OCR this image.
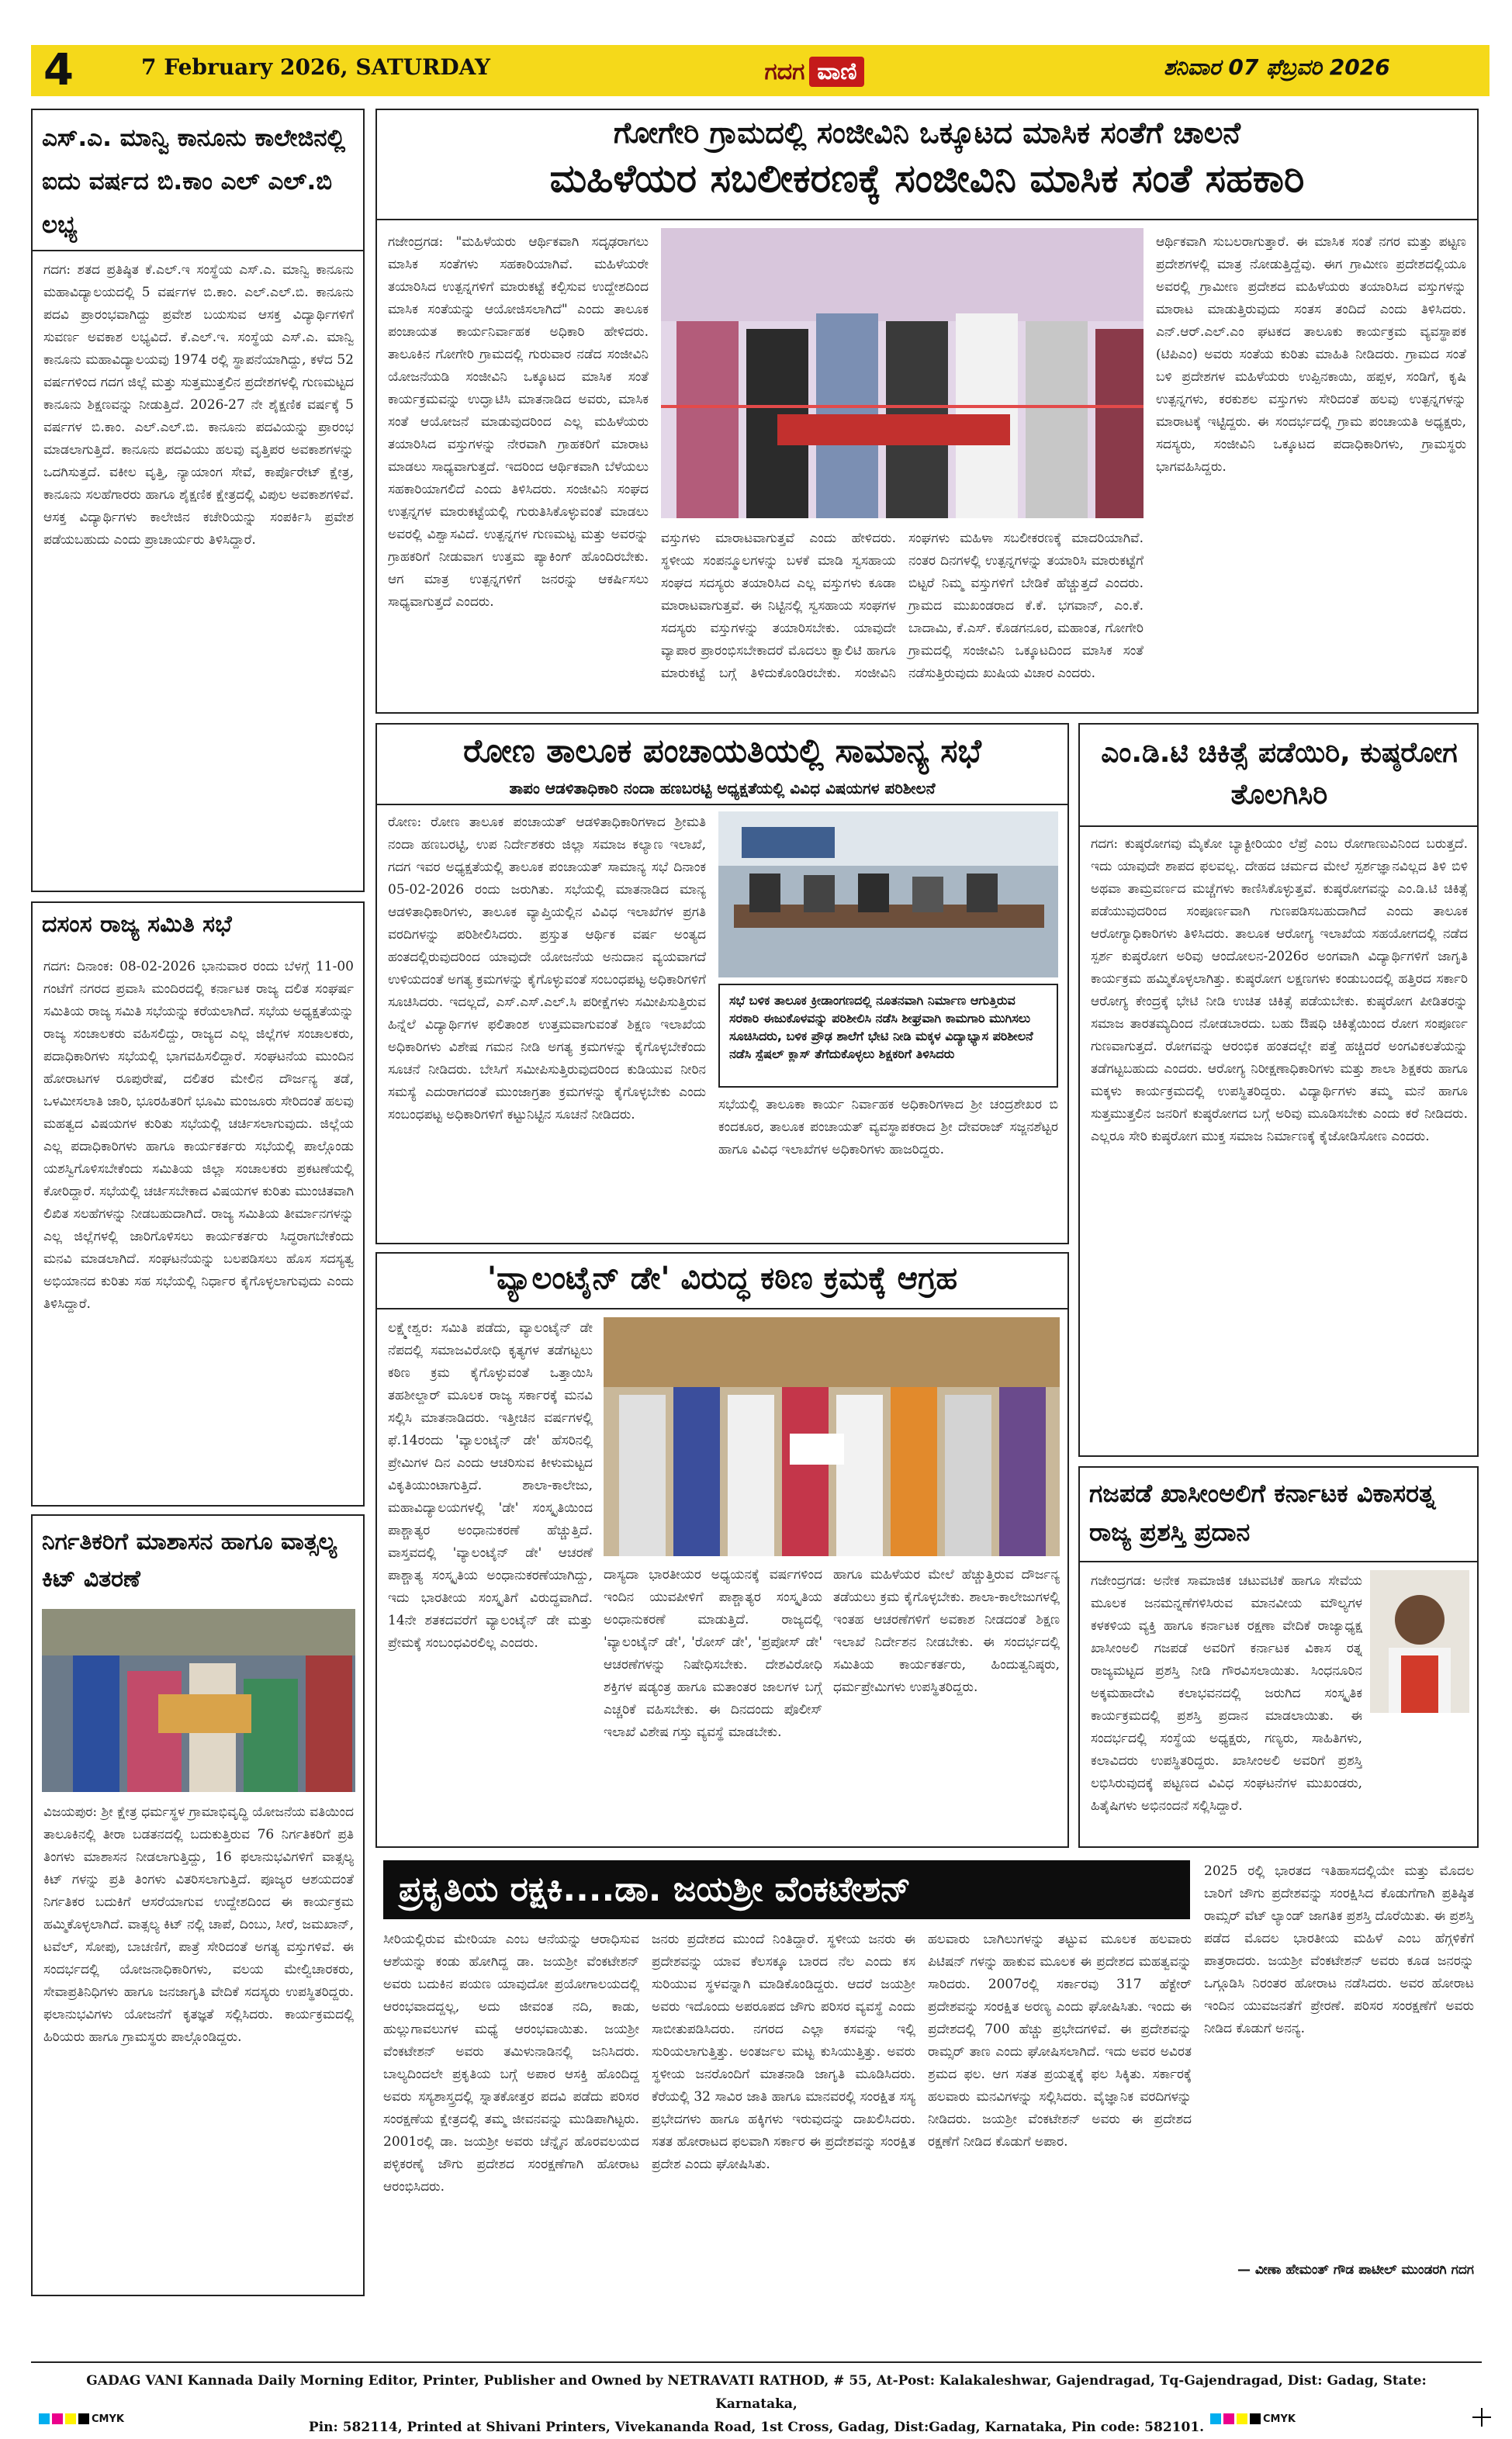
4	7 February 2026, SATURDAY	ಗದಗ ವಾಣಿ	ಶನಿವಾರ 07 ಫೆಬ್ರವರಿ 2026
ಎಸ್.ಎ. ಮಾನ್ವಿ ಕಾನೂನು ಕಾಲೇಜಿನಲ್ಲಿ ಐದು ವರ್ಷದ ಬಿ.ಕಾಂ ಎಲ್ ಎಲ್.ಬಿ ಲಭ್ಯ
ಗದಗ: ಶತದ ಪ್ರತಿಷ್ಠಿತ ಕೆ.ಎಲ್.ಇ ಸಂಸ್ಥೆಯ ಎಸ್.ಎ. ಮಾನ್ವಿ ಕಾನೂನು ಮಹಾವಿದ್ಯಾಲಯದಲ್ಲಿ 5 ವರ್ಷಗಳ ಬಿ.ಕಾಂ. ಎಲ್.ಎಲ್.ಬಿ. ಕಾನೂನು ಪದವಿ ಪ್ರಾರಂಭವಾಗಿದ್ದು ಪ್ರವೇಶ ಬಯಸುವ ಆಸಕ್ತ ವಿದ್ಯಾರ್ಥಿಗಳಿಗೆ ಸುವರ್ಣ ಅವಕಾಶ ಲಭ್ಯವಿದೆ. ಕೆ.ಎಲ್.ಇ. ಸಂಸ್ಥೆಯ ಎಸ್.ಎ. ಮಾನ್ವಿ ಕಾನೂನು ಮಹಾವಿದ್ಯಾಲಯವು 1974 ರಲ್ಲಿ ಸ್ಥಾಪನೆಯಾಗಿದ್ದು, ಕಳೆದ 52 ವರ್ಷಗಳಿಂದ ಗದಗ ಜಿಲ್ಲೆ ಮತ್ತು ಸುತ್ತಮುತ್ತಲಿನ ಪ್ರದೇಶಗಳಲ್ಲಿ ಗುಣಮಟ್ಟದ ಕಾನೂನು ಶಿಕ್ಷಣವನ್ನು ನೀಡುತ್ತಿದೆ. 2026-27 ನೇ ಶೈಕ್ಷಣಿಕ ವರ್ಷಕ್ಕೆ 5 ವರ್ಷಗಳ ಬಿ.ಕಾಂ. ಎಲ್.ಎಲ್.ಬಿ. ಕಾನೂನು ಪದವಿಯನ್ನು ಪ್ರಾರಂಭ ಮಾಡಲಾಗುತ್ತಿದೆ. ಕಾನೂನು ಪದವಿಯು ಹಲವು ವೃತ್ತಿಪರ ಅವಕಾಶಗಳನ್ನು ಒದಗಿಸುತ್ತದೆ. ವಕೀಲ ವೃತ್ತಿ, ನ್ಯಾಯಾಂಗ ಸೇವೆ, ಕಾರ್ಪೊರೇಟ್ ಕ್ಷೇತ್ರ, ಕಾನೂನು ಸಲಹೆಗಾರರು ಹಾಗೂ ಶೈಕ್ಷಣಿಕ ಕ್ಷೇತ್ರದಲ್ಲಿ ವಿಪುಲ ಅವಕಾಶಗಳಿವೆ. ಆಸಕ್ತ ವಿದ್ಯಾರ್ಥಿಗಳು ಕಾಲೇಜಿನ ಕಚೇರಿಯನ್ನು ಸಂಪರ್ಕಿಸಿ ಪ್ರವೇಶ ಪಡೆಯಬಹುದು ಎಂದು ಪ್ರಾಚಾರ್ಯರು ತಿಳಿಸಿದ್ದಾರೆ.
ದಸಂಸ ರಾಜ್ಯ ಸಮಿತಿ ಸಭೆ
ಗದಗ: ದಿನಾಂಕ: 08-02-2026 ಭಾನುವಾರ ರಂದು ಬೆಳಗ್ಗೆ 11-00 ಗಂಟೆಗೆ ನಗರದ ಪ್ರವಾಸಿ ಮಂದಿರದಲ್ಲಿ ಕರ್ನಾಟಕ ರಾಜ್ಯ ದಲಿತ ಸಂಘರ್ಷ ಸಮಿತಿಯ ರಾಜ್ಯ ಸಮಿತಿ ಸಭೆಯನ್ನು ಕರೆಯಲಾಗಿದೆ. ಸಭೆಯ ಅಧ್ಯಕ್ಷತೆಯನ್ನು ರಾಜ್ಯ ಸಂಚಾಲಕರು ವಹಿಸಲಿದ್ದು, ರಾಜ್ಯದ ಎಲ್ಲ ಜಿಲ್ಲೆಗಳ ಸಂಚಾಲಕರು, ಪದಾಧಿಕಾರಿಗಳು ಸಭೆಯಲ್ಲಿ ಭಾಗವಹಿಸಲಿದ್ದಾರೆ. ಸಂಘಟನೆಯ ಮುಂದಿನ ಹೋರಾಟಗಳ ರೂಪುರೇಷೆ, ದಲಿತರ ಮೇಲಿನ ದೌರ್ಜನ್ಯ ತಡೆ, ಒಳಮೀಸಲಾತಿ ಜಾರಿ, ಭೂರಹಿತರಿಗೆ ಭೂಮಿ ಮಂಜೂರು ಸೇರಿದಂತೆ ಹಲವು ಮಹತ್ವದ ವಿಷಯಗಳ ಕುರಿತು ಸಭೆಯಲ್ಲಿ ಚರ್ಚಿಸಲಾಗುವುದು. ಜಿಲ್ಲೆಯ ಎಲ್ಲ ಪದಾಧಿಕಾರಿಗಳು ಹಾಗೂ ಕಾರ್ಯಕರ್ತರು ಸಭೆಯಲ್ಲಿ ಪಾಲ್ಗೊಂಡು ಯಶಸ್ವಿಗೊಳಿಸಬೇಕೆಂದು ಸಮಿತಿಯ ಜಿಲ್ಲಾ ಸಂಚಾಲಕರು ಪ್ರಕಟಣೆಯಲ್ಲಿ ಕೋರಿದ್ದಾರೆ. ಸಭೆಯಲ್ಲಿ ಚರ್ಚಿಸಬೇಕಾದ ವಿಷಯಗಳ ಕುರಿತು ಮುಂಚಿತವಾಗಿ ಲಿಖಿತ ಸಲಹೆಗಳನ್ನು ನೀಡಬಹುದಾಗಿದೆ. ರಾಜ್ಯ ಸಮಿತಿಯ ತೀರ್ಮಾನಗಳನ್ನು ಎಲ್ಲ ಜಿಲ್ಲೆಗಳಲ್ಲಿ ಜಾರಿಗೊಳಿಸಲು ಕಾರ್ಯಕರ್ತರು ಸಿದ್ಧರಾಗಬೇಕೆಂದು ಮನವಿ ಮಾಡಲಾಗಿದೆ. ಸಂಘಟನೆಯನ್ನು ಬಲಪಡಿಸಲು ಹೊಸ ಸದಸ್ಯತ್ವ ಅಭಿಯಾನದ ಕುರಿತು ಸಹ ಸಭೆಯಲ್ಲಿ ನಿರ್ಧಾರ ಕೈಗೊಳ್ಳಲಾಗುವುದು ಎಂದು ತಿಳಿಸಿದ್ದಾರೆ.
ನಿರ್ಗತಿಕರಿಗೆ ಮಾಶಾಸನ ಹಾಗೂ ವಾತ್ಸಲ್ಯ ಕಿಟ್ ವಿತರಣೆ
ವಿಜಯಪುರ: ಶ್ರೀ ಕ್ಷೇತ್ರ ಧರ್ಮಸ್ಥಳ ಗ್ರಾಮಾಭಿವೃದ್ಧಿ ಯೋಜನೆಯ ವತಿಯಿಂದ ತಾಲೂಕಿನಲ್ಲಿ ತೀರಾ ಬಡತನದಲ್ಲಿ ಬದುಕುತ್ತಿರುವ 76 ನಿರ್ಗತಿಕರಿಗೆ ಪ್ರತಿ ತಿಂಗಳು ಮಾಶಾಸನ ನೀಡಲಾಗುತ್ತಿದ್ದು, 16 ಫಲಾನುಭವಿಗಳಿಗೆ ವಾತ್ಸಲ್ಯ ಕಿಟ್ ಗಳನ್ನು ಪ್ರತಿ ತಿಂಗಳು ವಿತರಿಸಲಾಗುತ್ತಿದೆ. ಪೂಜ್ಯರ ಆಶಯದಂತೆ ನಿರ್ಗತಿಕರ ಬದುಕಿಗೆ ಆಸರೆಯಾಗುವ ಉದ್ದೇಶದಿಂದ ಈ ಕಾರ್ಯಕ್ರಮ ಹಮ್ಮಿಕೊಳ್ಳಲಾಗಿದೆ. ವಾತ್ಸಲ್ಯ ಕಿಟ್ ನಲ್ಲಿ ಚಾಪೆ, ದಿಂಬು, ಸೀರೆ, ಜಮಖಾನ್, ಟವೆಲ್, ಸೋಪು, ಬಾಚಣಿಗೆ, ಪಾತ್ರೆ ಸೇರಿದಂತೆ ಅಗತ್ಯ ವಸ್ತುಗಳಿವೆ. ಈ ಸಂದರ್ಭದಲ್ಲಿ ಯೋಜನಾಧಿಕಾರಿಗಳು, ವಲಯ ಮೇಲ್ವಿಚಾರಕರು, ಸೇವಾಪ್ರತಿನಿಧಿಗಳು ಹಾಗೂ ಜನಜಾಗೃತಿ ವೇದಿಕೆ ಸದಸ್ಯರು ಉಪಸ್ಥಿತರಿದ್ದರು. ಫಲಾನುಭವಿಗಳು ಯೋಜನೆಗೆ ಕೃತಜ್ಞತೆ ಸಲ್ಲಿಸಿದರು. ಕಾರ್ಯಕ್ರಮದಲ್ಲಿ ಹಿರಿಯರು ಹಾಗೂ ಗ್ರಾಮಸ್ಥರು ಪಾಲ್ಗೊಂಡಿದ್ದರು.
ಗೋಗೇರಿ ಗ್ರಾಮದಲ್ಲಿ ಸಂಜೀವಿನಿ ಒಕ್ಕೂಟದ ಮಾಸಿಕ ಸಂತೆಗೆ ಚಾಲನೆ
ಮಹಿಳೆಯರ ಸಬಲೀಕರಣಕ್ಕೆ ಸಂಜೀವಿನಿ ಮಾಸಿಕ ಸಂತೆ ಸಹಕಾರಿ
ಗಜೇಂದ್ರಗಡ: "ಮಹಿಳೆಯರು ಆರ್ಥಿಕವಾಗಿ ಸದೃಢರಾಗಲು ಮಾಸಿಕ ಸಂತೆಗಳು ಸಹಕಾರಿಯಾಗಿವೆ. ಮಹಿಳೆಯರೇ ತಯಾರಿಸಿದ ಉತ್ಪನ್ನಗಳಿಗೆ ಮಾರುಕಟ್ಟೆ ಕಲ್ಪಿಸುವ ಉದ್ದೇಶದಿಂದ ಮಾಸಿಕ ಸಂತೆಯನ್ನು ಆಯೋಜಿಸಲಾಗಿದೆ" ಎಂದು ತಾಲೂಕ ಪಂಚಾಯತ ಕಾರ್ಯನಿರ್ವಾಹಕ ಅಧಿಕಾರಿ ಹೇಳಿದರು. ತಾಲೂಕಿನ ಗೋಗೇರಿ ಗ್ರಾಮದಲ್ಲಿ ಗುರುವಾರ ನಡೆದ ಸಂಜೀವಿನಿ ಯೋಜನೆಯಡಿ ಸಂಜೀವಿನಿ ಒಕ್ಕೂಟದ ಮಾಸಿಕ ಸಂತೆ ಕಾರ್ಯಕ್ರಮವನ್ನು ಉದ್ಘಾಟಿಸಿ ಮಾತನಾಡಿದ ಅವರು, ಮಾಸಿಕ ಸಂತೆ ಆಯೋಜನೆ ಮಾಡುವುದರಿಂದ ಎಲ್ಲ ಮಹಿಳೆಯರು ತಯಾರಿಸಿದ ವಸ್ತುಗಳನ್ನು ನೇರವಾಗಿ ಗ್ರಾಹಕರಿಗೆ ಮಾರಾಟ ಮಾಡಲು ಸಾಧ್ಯವಾಗುತ್ತದೆ. ಇದರಿಂದ ಆರ್ಥಿಕವಾಗಿ ಬೆಳೆಯಲು ಸಹಕಾರಿಯಾಗಲಿದೆ ಎಂದು ತಿಳಿಸಿದರು. ಸಂಜೀವಿನಿ ಸಂಘದ ಉತ್ಪನ್ನಗಳ ಮಾರುಕಟ್ಟೆಯಲ್ಲಿ ಗುರುತಿಸಿಕೊಳ್ಳುವಂತೆ ಮಾಡಲು ಅವರಲ್ಲಿ ವಿಶ್ವಾಸವಿದೆ. ಉತ್ಪನ್ನಗಳ ಗುಣಮಟ್ಟ ಮತ್ತು ಅವರನ್ನು ಗ್ರಾಹಕರಿಗೆ ನೀಡುವಾಗ ಉತ್ತಮ ಪ್ಯಾಕಿಂಗ್ ಹೊಂದಿರಬೇಕು. ಆಗ ಮಾತ್ರ ಉತ್ಪನ್ನಗಳಿಗೆ ಜನರನ್ನು ಆಕರ್ಷಿಸಲು ಸಾಧ್ಯವಾಗುತ್ತದೆ ಎಂದರು.
ವಸ್ತುಗಳು ಮಾರಾಟವಾಗುತ್ತವೆ ಎಂದು ಹೇಳಿದರು. ಸ್ಥಳೀಯ ಸಂಪನ್ಮೂಲಗಳನ್ನು ಬಳಕೆ ಮಾಡಿ ಸ್ವಸಹಾಯ ಸಂಘದ ಸದಸ್ಯರು ತಯಾರಿಸಿದ ಎಲ್ಲ ವಸ್ತುಗಳು ಕೂಡಾ ಮಾರಾಟವಾಗುತ್ತವೆ. ಈ ನಿಟ್ಟಿನಲ್ಲಿ ಸ್ವಸಹಾಯ ಸಂಘಗಳ ಸದಸ್ಯರು ವಸ್ತುಗಳನ್ನು ತಯಾರಿಸಬೇಕು. ಯಾವುದೇ ವ್ಯಾಪಾರ ಪ್ರಾರಂಭಿಸಬೇಕಾದರೆ ಮೊದಲು ಕ್ವಾಲಿಟಿ ಹಾಗೂ ಮಾರುಕಟ್ಟೆ ಬಗ್ಗೆ ತಿಳಿದುಕೊಂಡಿರಬೇಕು. ಸಂಜೀವಿನಿ ಸಂಘಗಳು ಮಹಿಳಾ ಸಬಲೀಕರಣಕ್ಕೆ ಮಾದರಿಯಾಗಿವೆ. ನಂತರ ದಿನಗಳಲ್ಲಿ ಉತ್ಪನ್ನಗಳನ್ನು ತಯಾರಿಸಿ ಮಾರುಕಟ್ಟೆಗೆ ಬಿಟ್ಟರೆ ನಿಮ್ಮ ವಸ್ತುಗಳಿಗೆ ಬೇಡಿಕೆ ಹೆಚ್ಚುತ್ತದೆ ಎಂದರು. ಗ್ರಾಮದ ಮುಖಂಡರಾದ ಕೆ.ಕೆ. ಭಗವಾನ್, ಎಂ.ಕೆ. ಬಾದಾಮಿ, ಕೆ.ಎಸ್. ಕೊಡಗನೂರ, ಮಹಾಂತ, ಗೋಗೇರಿ ಗ್ರಾಮದಲ್ಲಿ ಸಂಜೀವಿನಿ ಒಕ್ಕೂಟದಿಂದ ಮಾಸಿಕ ಸಂತೆ ನಡೆಸುತ್ತಿರುವುದು ಖುಷಿಯ ವಿಚಾರ ಎಂದರು.
ಆರ್ಥಿಕವಾಗಿ ಸುಬಲರಾಗುತ್ತಾರೆ. ಈ ಮಾಸಿಕ ಸಂತೆ ನಗರ ಮತ್ತು ಪಟ್ಟಣ ಪ್ರದೇಶಗಳಲ್ಲಿ ಮಾತ್ರ ನೋಡುತ್ತಿದ್ದೆವು. ಈಗ ಗ್ರಾಮೀಣ ಪ್ರದೇಶದಲ್ಲಿಯೂ ಅವರಲ್ಲಿ ಗ್ರಾಮೀಣ ಪ್ರದೇಶದ ಮಹಿಳೆಯರು ತಯಾರಿಸಿದ ವಸ್ತುಗಳನ್ನು ಮಾರಾಟ ಮಾಡುತ್ತಿರುವುದು ಸಂತಸ ತಂದಿದೆ ಎಂದು ತಿಳಿಸಿದರು. ಎನ್.ಆರ್.ಎಲ್.ಎಂ ಘಟಕದ ತಾಲೂಕು ಕಾರ್ಯಕ್ರಮ ವ್ಯವಸ್ಥಾಪಕ (ಟಿಪಿಎಂ) ಅವರು ಸಂತೆಯ ಕುರಿತು ಮಾಹಿತಿ ನೀಡಿದರು. ಗ್ರಾಮದ ಸಂತೆ ಬಳಿ ಪ್ರದೇಶಗಳ ಮಹಿಳೆಯರು ಉಪ್ಪಿನಕಾಯಿ, ಹಪ್ಪಳ, ಸಂಡಿಗೆ, ಕೃಷಿ ಉತ್ಪನ್ನಗಳು, ಕರಕುಶಲ ವಸ್ತುಗಳು ಸೇರಿದಂತೆ ಹಲವು ಉತ್ಪನ್ನಗಳನ್ನು ಮಾರಾಟಕ್ಕೆ ಇಟ್ಟಿದ್ದರು. ಈ ಸಂದರ್ಭದಲ್ಲಿ ಗ್ರಾಮ ಪಂಚಾಯತಿ ಅಧ್ಯಕ್ಷರು, ಸದಸ್ಯರು, ಸಂಜೀವಿನಿ ಒಕ್ಕೂಟದ ಪದಾಧಿಕಾರಿಗಳು, ಗ್ರಾಮಸ್ಥರು ಭಾಗವಹಿಸಿದ್ದರು.
ರೋಣ ತಾಲೂಕ ಪಂಚಾಯತಿಯಲ್ಲಿ ಸಾಮಾನ್ಯ ಸಭೆ
ತಾಪಂ ಆಡಳಿತಾಧಿಕಾರಿ ನಂದಾ ಹಣಬರಟ್ಟಿ ಅಧ್ಯಕ್ಷತೆಯಲ್ಲಿ ವಿವಿಧ ವಿಷಯಗಳ ಪರಿಶೀಲನೆ
ರೋಣ: ರೋಣ ತಾಲೂಕ ಪಂಚಾಯತ್ ಆಡಳಿತಾಧಿಕಾರಿಗಳಾದ ಶ್ರೀಮತಿ ನಂದಾ ಹಣಬರಟ್ಟಿ, ಉಪ ನಿರ್ದೇಶಕರು ಜಿಲ್ಲಾ ಸಮಾಜ ಕಲ್ಯಾಣ ಇಲಾಖೆ, ಗದಗ ಇವರ ಅಧ್ಯಕ್ಷತೆಯಲ್ಲಿ ತಾಲೂಕ ಪಂಚಾಯತ್ ಸಾಮಾನ್ಯ ಸಭೆ ದಿನಾಂಕ 05-02-2026 ರಂದು ಜರುಗಿತು. ಸಭೆಯಲ್ಲಿ ಮಾತನಾಡಿದ ಮಾನ್ಯ ಆಡಳಿತಾಧಿಕಾರಿಗಳು, ತಾಲೂಕ ವ್ಯಾಪ್ತಿಯಲ್ಲಿನ ವಿವಿಧ ಇಲಾಖೆಗಳ ಪ್ರಗತಿ ವರದಿಗಳನ್ನು ಪರಿಶೀಲಿಸಿದರು. ಪ್ರಸ್ತುತ ಆರ್ಥಿಕ ವರ್ಷ ಅಂತ್ಯದ ಹಂತದಲ್ಲಿರುವುದರಿಂದ ಯಾವುದೇ ಯೋಜನೆಯ ಅನುದಾನ ವ್ಯಯವಾಗದೆ ಉಳಿಯದಂತೆ ಅಗತ್ಯ ಕ್ರಮಗಳನ್ನು ಕೈಗೊಳ್ಳುವಂತೆ ಸಂಬಂಧಪಟ್ಟ ಅಧಿಕಾರಿಗಳಿಗೆ ಸೂಚಿಸಿದರು. ಇದಲ್ಲದೆ, ಎಸ್.ಎಸ್.ಎಲ್.ಸಿ ಪರೀಕ್ಷೆಗಳು ಸಮೀಪಿಸುತ್ತಿರುವ ಹಿನ್ನೆಲೆ ವಿದ್ಯಾರ್ಥಿಗಳ ಫಲಿತಾಂಶ ಉತ್ತಮವಾಗುವಂತೆ ಶಿಕ್ಷಣ ಇಲಾಖೆಯ ಅಧಿಕಾರಿಗಳು ವಿಶೇಷ ಗಮನ ನೀಡಿ ಅಗತ್ಯ ಕ್ರಮಗಳನ್ನು ಕೈಗೊಳ್ಳಬೇಕೆಂದು ಸೂಚನೆ ನೀಡಿದರು. ಬೇಸಿಗೆ ಸಮೀಪಿಸುತ್ತಿರುವುದರಿಂದ ಕುಡಿಯುವ ನೀರಿನ ಸಮಸ್ಯೆ ಎದುರಾಗದಂತೆ ಮುಂಜಾಗ್ರತಾ ಕ್ರಮಗಳನ್ನು ಕೈಗೊಳ್ಳಬೇಕು ಎಂದು ಸಂಬಂಧಪಟ್ಟ ಅಧಿಕಾರಿಗಳಿಗೆ ಕಟ್ಟುನಿಟ್ಟಿನ ಸೂಚನೆ ನೀಡಿದರು.
ಸಭೆ ಬಳಿಕ ತಾಲೂಕ ಕ್ರೀಡಾಂಗಣದಲ್ಲಿ ನೂತನವಾಗಿ ನಿರ್ಮಾಣ ಆಗುತ್ತಿರುವ ಸರಕಾರಿ ಈಜುಕೊಳವನ್ನು ಪರಿಶೀಲಿಸಿ ನಡೆಸಿ ಶೀಘ್ರವಾಗಿ ಕಾಮಗಾರಿ ಮುಗಿಸಲು ಸೂಚಿಸಿದರು, ಬಳಿಕ ಪ್ರೌಢ ಶಾಲೆಗೆ ಭೇಟಿ ನೀಡಿ ಮಕ್ಕಳ ವಿದ್ಯಾಭ್ಯಾಸ ಪರಿಶೀಲನೆ ನಡೆಸಿ ಸ್ಪೆಷಲ್ ಕ್ಲಾಸ್ ತೆಗೆದುಕೊಳ್ಳಲು ಶಿಕ್ಷಕರಿಗೆ ತಿಳಿಸಿದರು
ಸಭೆಯಲ್ಲಿ ತಾಲೂಕಾ ಕಾರ್ಯ ನಿರ್ವಾಹಕ ಅಧಿಕಾರಿಗಳಾದ ಶ್ರೀ ಚಂದ್ರಶೇಖರ ಬಿ ಕಂದಕೂರ, ತಾಲೂಕ ಪಂಚಾಯತ್ ವ್ಯವಸ್ಥಾಪಕರಾದ ಶ್ರೀ ದೇವರಾಜ್ ಸಜ್ಜನಶೆಟ್ಟರ ಹಾಗೂ ವಿವಿಧ ಇಲಾಖೆಗಳ ಅಧಿಕಾರಿಗಳು ಹಾಜರಿದ್ದರು.
'ವ್ಯಾಲಂಟೈನ್ ಡೇ' ವಿರುದ್ಧ ಕಠಿಣ ಕ್ರಮಕ್ಕೆ ಆಗ್ರಹ
ಲಕ್ಷ್ಮೇಶ್ವರ: ಸಮಿತಿ ಪಡೆದು, ವ್ಯಾಲಂಟೈನ್ ಡೇ ನೆಪದಲ್ಲಿ ಸಮಾಜವಿರೋಧಿ ಕೃತ್ಯಗಳ ತಡೆಗಟ್ಟಲು ಕಠಿಣ ಕ್ರಮ ಕೈಗೊಳ್ಳುವಂತೆ ಒತ್ತಾಯಿಸಿ ತಹಶೀಲ್ದಾರ್ ಮೂಲಕ ರಾಜ್ಯ ಸರ್ಕಾರಕ್ಕೆ ಮನವಿ ಸಲ್ಲಿಸಿ ಮಾತನಾಡಿದರು. ಇತ್ತೀಚಿನ ವರ್ಷಗಳಲ್ಲಿ ಫೆ.14ರಂದು 'ವ್ಯಾಲಂಟೈನ್ ಡೇ' ಹೆಸರಿನಲ್ಲಿ ಪ್ರೇಮಿಗಳ ದಿನ ಎಂದು ಆಚರಿಸುವ ಕೀಳುಮಟ್ಟದ ವಿಕೃತಿಯುಂಟಾಗುತ್ತಿದೆ. ಶಾಲಾ-ಕಾಲೇಜು, ಮಹಾವಿದ್ಯಾಲಯಗಳಲ್ಲಿ 'ಡೇ' ಸಂಸ್ಕೃತಿಯಿಂದ ಪಾಶ್ಚಾತ್ಯರ ಅಂಧಾನುಕರಣೆ ಹೆಚ್ಚುತ್ತಿದೆ. ವಾಸ್ತವದಲ್ಲಿ 'ವ್ಯಾಲಂಟೈನ್ ಡೇ' ಆಚರಣೆ ಪಾಶ್ಚಾತ್ಯ ಸಂಸ್ಕೃತಿಯ ಅಂಧಾನುಕರಣೆಯಾಗಿದ್ದು, ಇದು ಭಾರತೀಯ ಸಂಸ್ಕೃತಿಗೆ ವಿರುದ್ಧವಾಗಿದೆ. 14ನೇ ಶತಕದವರೆಗೆ ವ್ಯಾಲಂಟೈನ್ ಡೇ ಮತ್ತು ಪ್ರೇಮಕ್ಕೆ ಸಂಬಂಧವಿರಲಿಲ್ಲ ಎಂದರು.
ದಾಸ್ಯದಾ ಭಾರತೀಯರ ಅಧ್ಯಯನಕ್ಕೆ ವರ್ಷಗಳಿಂದ ಇಂದಿನ ಯುವಪೀಳಿಗೆ ಪಾಶ್ಚಾತ್ಯರ ಸಂಸ್ಕೃತಿಯ ಅಂಧಾನುಕರಣೆ ಮಾಡುತ್ತಿದೆ. ರಾಜ್ಯದಲ್ಲಿ 'ವ್ಯಾಲಂಟೈನ್ ಡೇ', 'ರೋಸ್ ಡೇ', 'ಪ್ರಪೋಸ್ ಡೇ' ಆಚರಣೆಗಳನ್ನು ನಿಷೇಧಿಸಬೇಕು. ದೇಶವಿರೋಧಿ ಶಕ್ತಿಗಳ ಷಡ್ಯಂತ್ರ ಹಾಗೂ ಮತಾಂತರ ಜಾಲಗಳ ಬಗ್ಗೆ ಎಚ್ಚರಿಕೆ ವಹಿಸಬೇಕು. ಈ ದಿನದಂದು ಪೊಲೀಸ್ ಇಲಾಖೆ ವಿಶೇಷ ಗಸ್ತು ವ್ಯವಸ್ಥೆ ಮಾಡಬೇಕು.
ಹಾಗೂ ಮಹಿಳೆಯರ ಮೇಲೆ ಹೆಚ್ಚುತ್ತಿರುವ ದೌರ್ಜನ್ಯ ತಡೆಯಲು ಕ್ರಮ ಕೈಗೊಳ್ಳಬೇಕು. ಶಾಲಾ-ಕಾಲೇಜುಗಳಲ್ಲಿ ಇಂತಹ ಆಚರಣೆಗಳಿಗೆ ಅವಕಾಶ ನೀಡದಂತೆ ಶಿಕ್ಷಣ ಇಲಾಖೆ ನಿರ್ದೇಶನ ನೀಡಬೇಕು. ಈ ಸಂದರ್ಭದಲ್ಲಿ ಸಮಿತಿಯ ಕಾರ್ಯಕರ್ತರು, ಹಿಂದುತ್ವನಿಷ್ಠರು, ಧರ್ಮಪ್ರೇಮಿಗಳು ಉಪಸ್ಥಿತರಿದ್ದರು.
ಎಂ.ಡಿ.ಟಿ ಚಿಕಿತ್ಸೆ ಪಡೆಯಿರಿ, ಕುಷ್ಠರೋಗ ತೊಲಗಿಸಿರಿ
ಗದಗ: ಕುಷ್ಠರೋಗವು ಮೈಕೋ ಬ್ಯಾಕ್ಟೀರಿಯಂ ಲೆಪ್ರೆ ಎಂಬ ರೋಗಾಣುವಿನಿಂದ ಬರುತ್ತದೆ. ಇದು ಯಾವುದೇ ಶಾಪದ ಫಲವಲ್ಲ. ದೇಹದ ಚರ್ಮದ ಮೇಲೆ ಸ್ಪರ್ಶಜ್ಞಾನವಿಲ್ಲದ ತಿಳಿ ಬಿಳಿ ಅಥವಾ ತಾಮ್ರವರ್ಣದ ಮಚ್ಚೆಗಳು ಕಾಣಿಸಿಕೊಳ್ಳುತ್ತವೆ. ಕುಷ್ಠರೋಗವನ್ನು ಎಂ.ಡಿ.ಟಿ ಚಿಕಿತ್ಸೆ ಪಡೆಯುವುದರಿಂದ ಸಂಪೂರ್ಣವಾಗಿ ಗುಣಪಡಿಸಬಹುದಾಗಿದೆ ಎಂದು ತಾಲೂಕ ಆರೋಗ್ಯಾಧಿಕಾರಿಗಳು ತಿಳಿಸಿದರು. ತಾಲೂಕ ಆರೋಗ್ಯ ಇಲಾಖೆಯ ಸಹಯೋಗದಲ್ಲಿ ನಡೆದ ಸ್ಪರ್ಶ ಕುಷ್ಠರೋಗ ಅರಿವು ಆಂದೋಲನ-2026ರ ಅಂಗವಾಗಿ ವಿದ್ಯಾರ್ಥಿಗಳಿಗೆ ಜಾಗೃತಿ ಕಾರ್ಯಕ್ರಮ ಹಮ್ಮಿಕೊಳ್ಳಲಾಗಿತ್ತು. ಕುಷ್ಠರೋಗ ಲಕ್ಷಣಗಳು ಕಂಡುಬಂದಲ್ಲಿ ಹತ್ತಿರದ ಸರ್ಕಾರಿ ಆರೋಗ್ಯ ಕೇಂದ್ರಕ್ಕೆ ಭೇಟಿ ನೀಡಿ ಉಚಿತ ಚಿಕಿತ್ಸೆ ಪಡೆಯಬೇಕು. ಕುಷ್ಠರೋಗ ಪೀಡಿತರನ್ನು ಸಮಾಜ ತಾರತಮ್ಯದಿಂದ ನೋಡಬಾರದು. ಬಹು ಔಷಧಿ ಚಿಕಿತ್ಸೆಯಿಂದ ರೋಗ ಸಂಪೂರ್ಣ ಗುಣವಾಗುತ್ತದೆ. ರೋಗವನ್ನು ಆರಂಭಿಕ ಹಂತದಲ್ಲೇ ಪತ್ತೆ ಹಚ್ಚಿದರೆ ಅಂಗವಿಕಲತೆಯನ್ನು ತಡೆಗಟ್ಟಬಹುದು ಎಂದರು. ಆರೋಗ್ಯ ನಿರೀಕ್ಷಣಾಧಿಕಾರಿಗಳು ಮತ್ತು ಶಾಲಾ ಶಿಕ್ಷಕರು ಹಾಗೂ ಮಕ್ಕಳು ಕಾರ್ಯಕ್ರಮದಲ್ಲಿ ಉಪಸ್ಥಿತರಿದ್ದರು. ವಿದ್ಯಾರ್ಥಿಗಳು ತಮ್ಮ ಮನೆ ಹಾಗೂ ಸುತ್ತಮುತ್ತಲಿನ ಜನರಿಗೆ ಕುಷ್ಠರೋಗದ ಬಗ್ಗೆ ಅರಿವು ಮೂಡಿಸಬೇಕು ಎಂದು ಕರೆ ನೀಡಿದರು. ಎಲ್ಲರೂ ಸೇರಿ ಕುಷ್ಠರೋಗ ಮುಕ್ತ ಸಮಾಜ ನಿರ್ಮಾಣಕ್ಕೆ ಕೈಜೋಡಿಸೋಣ ಎಂದರು.
ಗಜಪಡೆ ಖಾಸೀಂಅಲಿಗೆ ಕರ್ನಾಟಕ ವಿಕಾಸರತ್ನ ರಾಜ್ಯ ಪ್ರಶಸ್ತಿ ಪ್ರದಾನ
ಗಜೇಂದ್ರಗಡ: ಅನೇಕ ಸಾಮಾಜಿಕ ಚಟುವಟಿಕೆ ಹಾಗೂ ಸೇವೆಯ ಮೂಲಕ ಜನಮನ್ನಣೆಗಳಿಸಿರುವ ಮಾನವೀಯ ಮೌಲ್ಯಗಳ ಕಳಕಳಿಯ ವ್ಯಕ್ತಿ ಹಾಗೂ ಕರ್ನಾಟಕ ರಕ್ಷಣಾ ವೇದಿಕೆ ರಾಜ್ಯಾಧ್ಯಕ್ಷ ಖಾಸೀಂಅಲಿ ಗಜಪಡೆ ಅವರಿಗೆ ಕರ್ನಾಟಕ ವಿಕಾಸ ರತ್ನ ರಾಜ್ಯಮಟ್ಟದ ಪ್ರಶಸ್ತಿ ನೀಡಿ ಗೌರವಿಸಲಾಯಿತು. ಸಿಂಧನೂರಿನ ಅಕ್ಕಮಹಾದೇವಿ ಕಲಾಭವನದಲ್ಲಿ ಜರುಗಿದ ಸಂಸ್ಕೃತಿಕ ಕಾರ್ಯಕ್ರಮದಲ್ಲಿ ಪ್ರಶಸ್ತಿ ಪ್ರದಾನ ಮಾಡಲಾಯಿತು. ಈ ಸಂದರ್ಭದಲ್ಲಿ ಸಂಸ್ಥೆಯ ಅಧ್ಯಕ್ಷರು, ಗಣ್ಯರು, ಸಾಹಿತಿಗಳು, ಕಲಾವಿದರು ಉಪಸ್ಥಿತರಿದ್ದರು. ಖಾಸೀಂಅಲಿ ಅವರಿಗೆ ಪ್ರಶಸ್ತಿ ಲಭಿಸಿರುವುದಕ್ಕೆ ಪಟ್ಟಣದ ವಿವಿಧ ಸಂಘಟನೆಗಳ ಮುಖಂಡರು, ಹಿತೈಷಿಗಳು ಅಭಿನಂದನೆ ಸಲ್ಲಿಸಿದ್ದಾರೆ.
ಪ್ರಕೃತಿಯ ರಕ್ಷಕಿ....ಡಾ. ಜಯಶ್ರೀ ವೆಂಕಟೇಶನ್
ಸೀರಿಯಲ್ಲಿರುವ ಮೇರಿಯಾ ಎಂಬ ಆನೆಯನ್ನು ಆರಾಧಿಸುವ ಆಶೆಯನ್ನು ಕಂಡು ಹೋಗಿದ್ದ ಡಾ. ಜಯಶ್ರೀ ವೆಂಕಟೇಶನ್ ಅವರು ಬದುಕಿನ ಪಯಣ ಯಾವುದೋ ಪ್ರಯೋಗಾಲಯದಲ್ಲಿ ಆರಂಭವಾದದ್ದಲ್ಲ, ಅದು ಜೀವಂತ ನದಿ, ಕಾಡು, ಹುಲ್ಲುಗಾವಲುಗಳ ಮಧ್ಯೆ ಆರಂಭವಾಯಿತು. ಜಯಶ್ರೀ ವೆಂಕಟೇಶನ್ ಅವರು ತಮಿಳುನಾಡಿನಲ್ಲಿ ಜನಿಸಿದರು. ಬಾಲ್ಯದಿಂದಲೇ ಪ್ರಕೃತಿಯ ಬಗ್ಗೆ ಅಪಾರ ಆಸಕ್ತಿ ಹೊಂದಿದ್ದ ಅವರು ಸಸ್ಯಶಾಸ್ತ್ರದಲ್ಲಿ ಸ್ನಾತಕೋತ್ತರ ಪದವಿ ಪಡೆದು ಪರಿಸರ ಸಂರಕ್ಷಣೆಯ ಕ್ಷೇತ್ರದಲ್ಲಿ ತಮ್ಮ ಜೀವನವನ್ನು ಮುಡಿಪಾಗಿಟ್ಟರು. 2001ರಲ್ಲಿ ಡಾ. ಜಯಶ್ರೀ ಅವರು ಚೆನ್ನೈನ ಹೊರವಲಯದ ಪಳ್ಳಿಕರಣೈ ಜೌಗು ಪ್ರದೇಶದ ಸಂರಕ್ಷಣೆಗಾಗಿ ಹೋರಾಟ ಆರಂಭಿಸಿದರು.
ಜನರು ಪ್ರದೇಶದ ಮುಂದೆ ನಿಂತಿದ್ದಾರೆ. ಸ್ಥಳೀಯ ಜನರು ಈ ಪ್ರದೇಶವನ್ನು ಯಾವ ಕೆಲಸಕ್ಕೂ ಬಾರದ ನೆಲ ಎಂದು ಕಸ ಸುರಿಯುವ ಸ್ಥಳವನ್ನಾಗಿ ಮಾಡಿಕೊಂಡಿದ್ದರು. ಆದರೆ ಜಯಶ್ರೀ ಅವರು ಇದೊಂದು ಅಪರೂಪದ ಜೌಗು ಪರಿಸರ ವ್ಯವಸ್ಥೆ ಎಂದು ಸಾಬೀತುಪಡಿಸಿದರು. ನಗರದ ಎಲ್ಲಾ ಕಸವನ್ನು ಇಲ್ಲಿ ಸುರಿಯಲಾಗುತ್ತಿತ್ತು. ಅಂತರ್ಜಲ ಮಟ್ಟ ಕುಸಿಯುತ್ತಿತ್ತು. ಅವರು ಸ್ಥಳೀಯ ಜನರೊಂದಿಗೆ ಮಾತನಾಡಿ ಜಾಗೃತಿ ಮೂಡಿಸಿದರು. ಕೆರೆಯಲ್ಲಿ 32 ಸಾವಿರ ಜಾತಿ ಹಾಗೂ ಮಾನವರಲ್ಲಿ ಸಂರಕ್ಷಿತ ಸಸ್ಯ ಪ್ರಭೇದಗಳು ಹಾಗೂ ಹಕ್ಕಿಗಳು ಇರುವುದನ್ನು ದಾಖಲಿಸಿದರು. ಸತತ ಹೋರಾಟದ ಫಲವಾಗಿ ಸರ್ಕಾರ ಈ ಪ್ರದೇಶವನ್ನು ಸಂರಕ್ಷಿತ ಪ್ರದೇಶ ಎಂದು ಘೋಷಿಸಿತು.
ಹಲವಾರು ಬಾಗಿಲುಗಳನ್ನು ತಟ್ಟುವ ಮೂಲಕ ಹಲವಾರು ಪಿಟಿಷನ್ ಗಳನ್ನು ಹಾಕುವ ಮೂಲಕ ಈ ಪ್ರದೇಶದ ಮಹತ್ವವನ್ನು ಸಾರಿದರು. 2007ರಲ್ಲಿ ಸರ್ಕಾರವು 317 ಹೆಕ್ಟೇರ್ ಪ್ರದೇಶವನ್ನು ಸಂರಕ್ಷಿತ ಅರಣ್ಯ ಎಂದು ಘೋಷಿಸಿತು. ಇಂದು ಈ ಪ್ರದೇಶದಲ್ಲಿ 700 ಹೆಚ್ಚು ಪ್ರಭೇದಗಳಿವೆ. ಈ ಪ್ರದೇಶವನ್ನು ರಾಮ್ಸರ್ ತಾಣ ಎಂದು ಘೋಷಿಸಲಾಗಿದೆ. ಇದು ಅವರ ಅವಿರತ ಶ್ರಮದ ಫಲ. ಆಗ ಸತತ ಪ್ರಯತ್ನಕ್ಕೆ ಫಲ ಸಿಕ್ಕಿತು. ಸರ್ಕಾರಕ್ಕೆ ಹಲವಾರು ಮನವಿಗಳನ್ನು ಸಲ್ಲಿಸಿದರು. ವೈಜ್ಞಾನಿಕ ವರದಿಗಳನ್ನು ನೀಡಿದರು. ಜಯಶ್ರೀ ವೆಂಕಟೇಶನ್ ಅವರು ಈ ಪ್ರದೇಶದ ರಕ್ಷಣೆಗೆ ನೀಡಿದ ಕೊಡುಗೆ ಅಪಾರ.
2025 ರಲ್ಲಿ ಭಾರತದ ಇತಿಹಾಸದಲ್ಲಿಯೇ ಮತ್ತು ಮೊದಲ ಬಾರಿಗೆ ಜೌಗು ಪ್ರದೇಶವನ್ನು ಸಂರಕ್ಷಿಸಿದ ಕೊಡುಗೆಗಾಗಿ ಪ್ರತಿಷ್ಠಿತ ರಾಮ್ಸರ್ ವೆಟ್ ಲ್ಯಾಂಡ್ ಜಾಗತಿಕ ಪ್ರಶಸ್ತಿ ದೊರೆಯಿತು. ಈ ಪ್ರಶಸ್ತಿ ಪಡೆದ ಮೊದಲ ಭಾರತೀಯ ಮಹಿಳೆ ಎಂಬ ಹೆಗ್ಗಳಿಕೆಗೆ ಪಾತ್ರರಾದರು. ಜಯಶ್ರೀ ವೆಂಕಟೇಶನ್ ಅವರು ಕೂಡ ಜನರನ್ನು ಒಗ್ಗೂಡಿಸಿ ನಿರಂತರ ಹೋರಾಟ ನಡೆಸಿದರು. ಅವರ ಹೋರಾಟ ಇಂದಿನ ಯುವಜನತೆಗೆ ಪ್ರೇರಣೆ. ಪರಿಸರ ಸಂರಕ್ಷಣೆಗೆ ಅವರು ನೀಡಿದ ಕೊಡುಗೆ ಅನನ್ಯ.
— ವೀಣಾ ಹೇಮಂತ್ ಗೌಡ ಪಾಟೀಲ್ ಮುಂಡರಗಿ ಗದಗ
GADAG VANI Kannada Daily Morning Editor, Printer, Publisher and Owned by NETRAVATI RATHOD, # 55, At-Post: Kalakaleshwar, Gajendragad, Tq-Gajendragad, Dist: Gadag, State: Karnataka,
Pin: 582114, Printed at Shivani Printers, Vivekananda Road, 1st Cross, Gadag, Dist:Gadag, Karnataka, Pin code: 582101.
CMYK	CMYK
